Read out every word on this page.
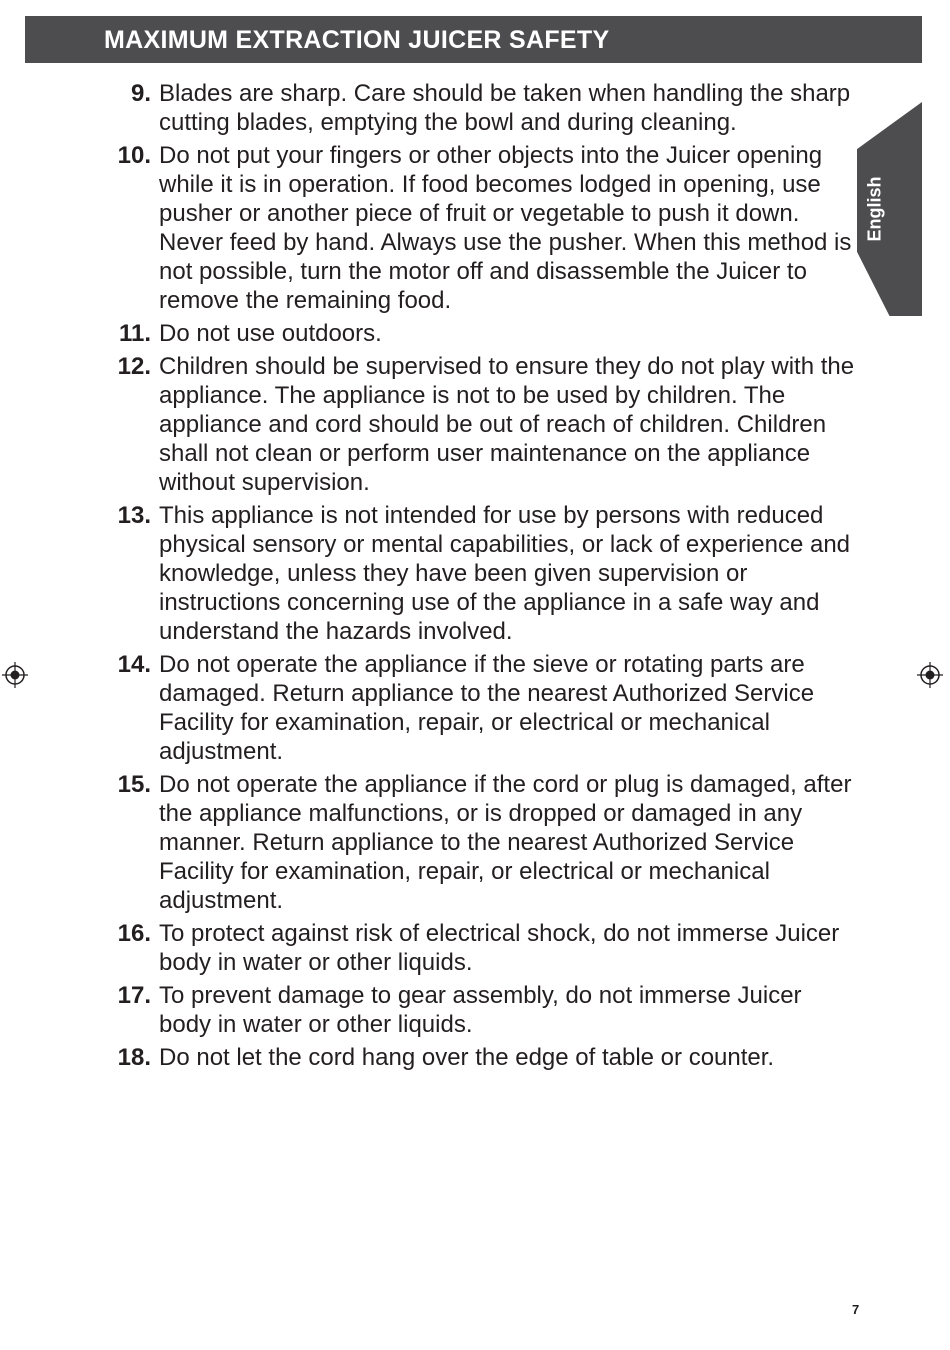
MAXIMUM EXTRACTION JUICER SAFETY
English
9. Blades are sharp. Care should be taken when handling the sharp cutting blades, emptying the bowl and during cleaning.
10. Do not put your fingers or other objects into the Juicer opening while it is in operation. If food becomes lodged in opening, use pusher or another piece of fruit or vegetable to push it down. Never feed by hand. Always use the pusher. When this method is not possible, turn the motor off and disassemble the Juicer to remove the remaining food.
11. Do not use outdoors.
12. Children should be supervised to ensure they do not play with the appliance. The appliance is not to be used by children. The appliance and cord should be out of reach of children. Children shall not clean or perform user maintenance on the appliance without supervision.
13. This appliance is not intended for use by persons with reduced physical sensory or mental capabilities, or lack of experience and knowledge, unless they have been given supervision or instructions concerning use of the appliance in a safe way and understand the hazards involved.
14. Do not operate the appliance if the sieve or rotating parts are damaged. Return appliance to the nearest Authorized Service Facility for examination, repair, or electrical or mechanical adjustment.
15. Do not operate the appliance if the cord or plug is damaged, after the appliance malfunctions, or is dropped or damaged in any manner. Return appliance to the nearest Authorized Service Facility for examination, repair, or electrical or mechanical adjustment.
16. To protect against risk of electrical shock, do not immerse Juicer body in water or other liquids.
17. To prevent damage to gear assembly, do not immerse Juicer body in water or other liquids.
18. Do not let the cord hang over the edge of table or counter.
7
